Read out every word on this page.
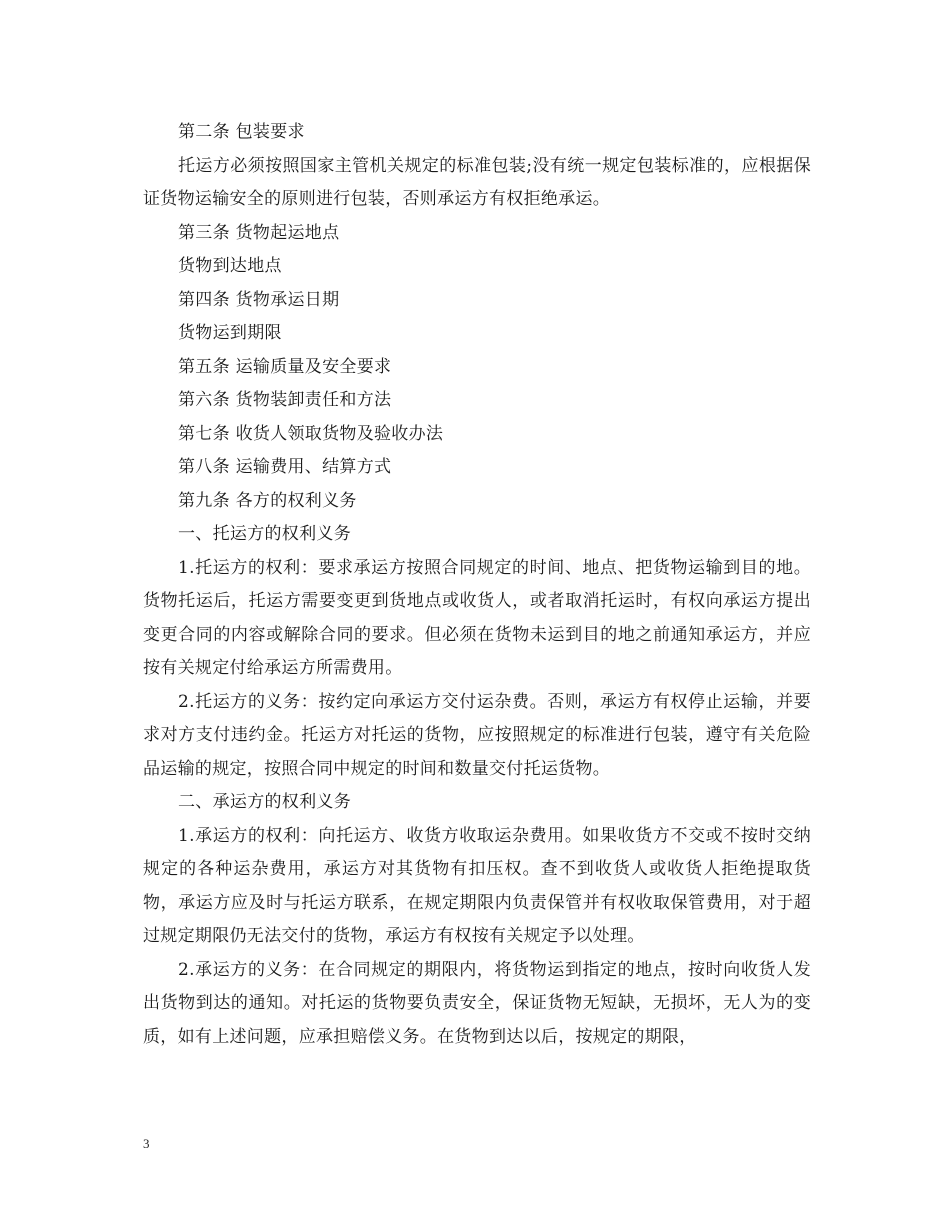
第二条 包装要求

托运方必须按照国家主管机关规定的标准包装;没有统一规定包装标准的，应根据保证货物运输安全的原则进行包装，否则承运方有权拒绝承运。

第三条 货物起运地点

货物到达地点

第四条 货物承运日期

货物运到期限

第五条 运输质量及安全要求

第六条 货物装卸责任和方法

第七条 收货人领取货物及验收办法

第八条 运输费用、结算方式

第九条 各方的权利义务

一、托运方的权利义务

1.托运方的权利：要求承运方按照合同规定的时间、地点、把货物运输到目的地。货物托运后，托运方需要变更到货地点或收货人，或者取消托运时，有权向承运方提出变更合同的内容或解除合同的要求。但必须在货物未运到目的地之前通知承运方，并应按有关规定付给承运方所需费用。

2.托运方的义务：按约定向承运方交付运杂费。否则，承运方有权停止运输，并要求对方支付违约金。托运方对托运的货物，应按照规定的标准进行包装，遵守有关危险品运输的规定，按照合同中规定的时间和数量交付托运货物。

二、承运方的权利义务

1.承运方的权利：向托运方、收货方收取运杂费用。如果收货方不交或不按时交纳规定的各种运杂费用，承运方对其货物有扣压权。查不到收货人或收货人拒绝提取货物，承运方应及时与托运方联系，在规定期限内负责保管并有权收取保管费用，对于超过规定期限仍无法交付的货物，承运方有权按有关规定予以处理。

2.承运方的义务：在合同规定的期限内，将货物运到指定的地点，按时向收货人发出货物到达的通知。对托运的货物要负责安全，保证货物无短缺，无损坏，无人为的变质，如有上述问题，应承担赔偿义务。在货物到达以后，按规定的期限，

3
